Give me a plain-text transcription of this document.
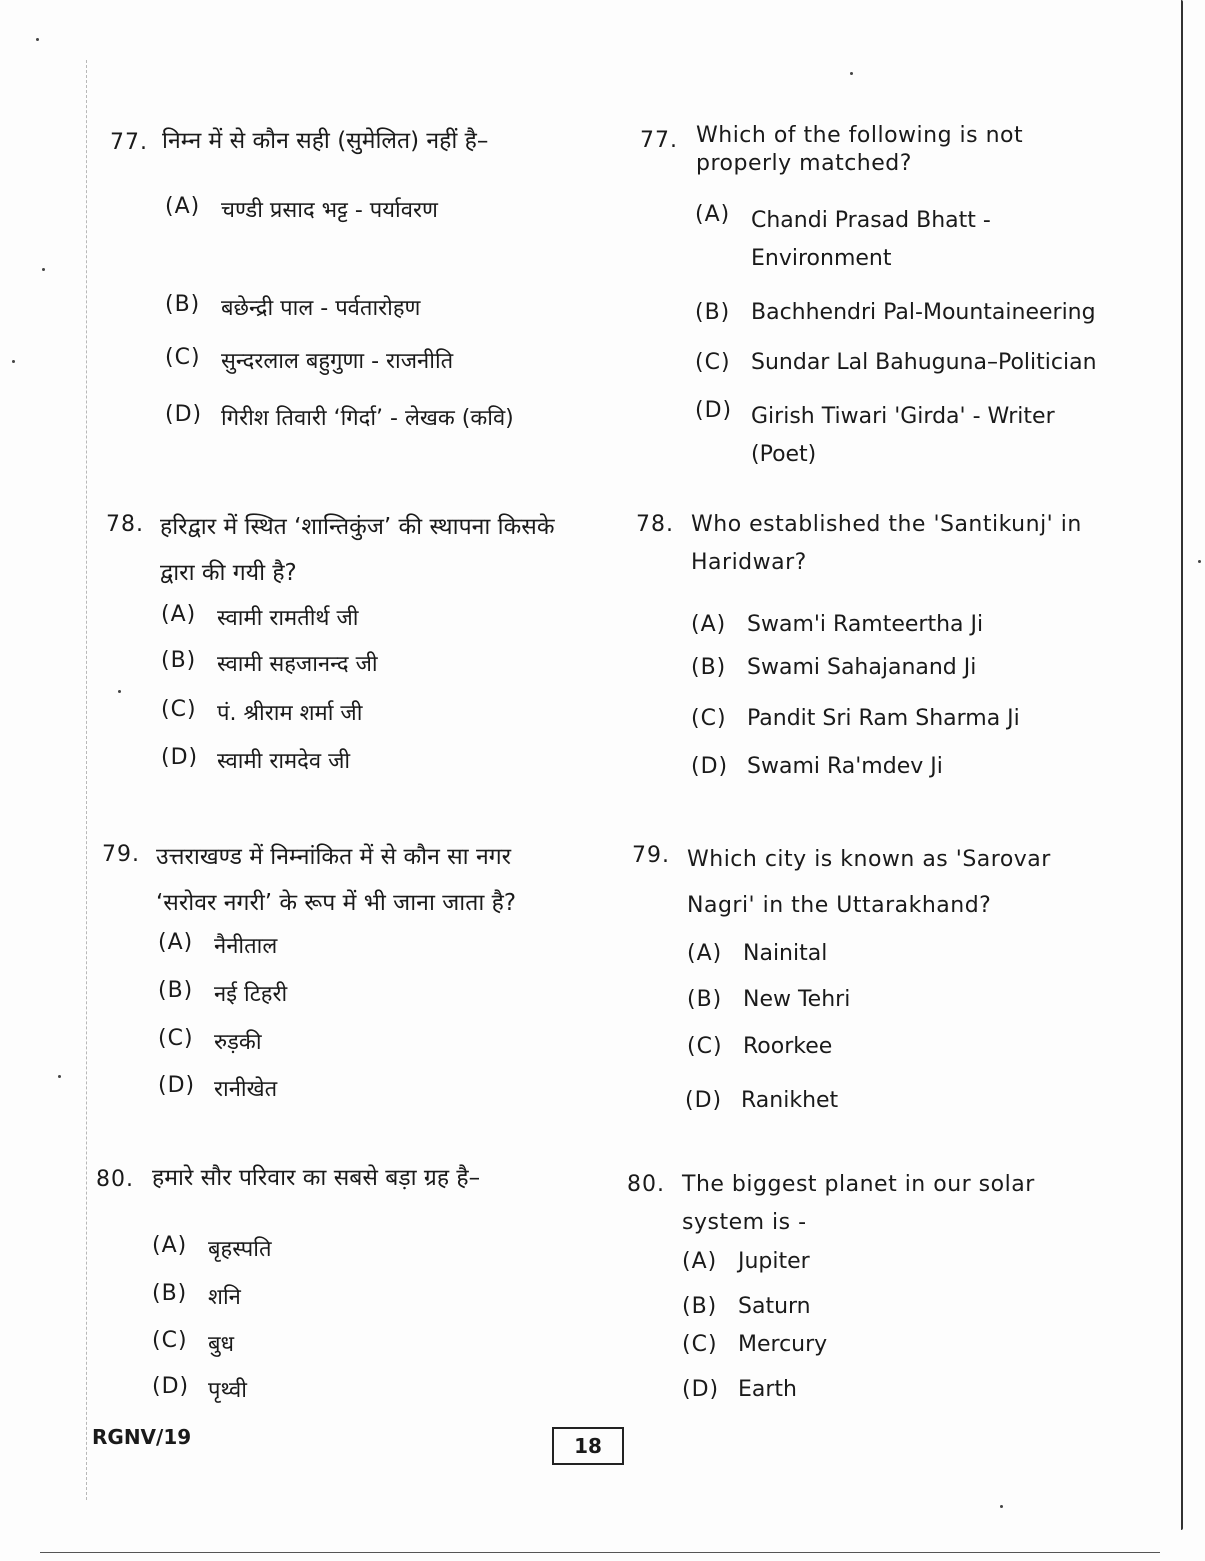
77. निम्न में से कौन सही (सुमेलित) नहीं है–
(A) चण्डी प्रसाद भट्ट - पर्यावरण
(B) बछेन्द्री पाल - पर्वतारोहण
(C) सुन्दरलाल बहुगुणा - राजनीति
(D) गिरीश तिवारी ‘गिर्दा’ - लेखक (कवि)
78. हरिद्वार में स्थित ‘शान्तिकुंज’ की स्थापना किसके द्वारा की गयी है?
(A) स्वामी रामतीर्थ जी
(B) स्वामी सहजानन्द जी
(C) पं. श्रीराम शर्मा जी
(D) स्वामी रामदेव जी
79. उत्तराखण्ड में निम्नांकित में से कौन सा नगर ‘सरोवर नगरी’ के रूप में भी जाना जाता है?
(A) नैनीताल
(B) नई टिहरी
(C) रुड़की
(D) रानीखेत
80. हमारे सौर परिवार का सबसे बड़ा ग्रह है–
(A) बृहस्पति
(B) शनि
(C) बुध
(D) पृथ्वी
77. Which of the following is not properly matched?
(A) Chandi Prasad Bhatt - Environment
(B) Bachhendri Pal-Mountaineering
(C) Sundar Lal Bahuguna–Politician
(D) Girish Tiwari 'Girda' - Writer (Poet)
78. Who established the 'Santikunj' in Haridwar?
(A) Swam'i Ramteertha Ji
(B) Swami Sahajanand Ji
(C) Pandit Sri Ram Sharma Ji
(D) Swami Ra'mdev Ji
79. Which city is known as 'Sarovar Nagri' in the Uttarakhand?
(A) Nainital
(B) New Tehri
(C) Roorkee
(D) Ranikhet
80. The biggest planet in our solar system is -
(A) Jupiter
(B) Saturn
(C) Mercury
(D) Earth
RGNV/19	18
